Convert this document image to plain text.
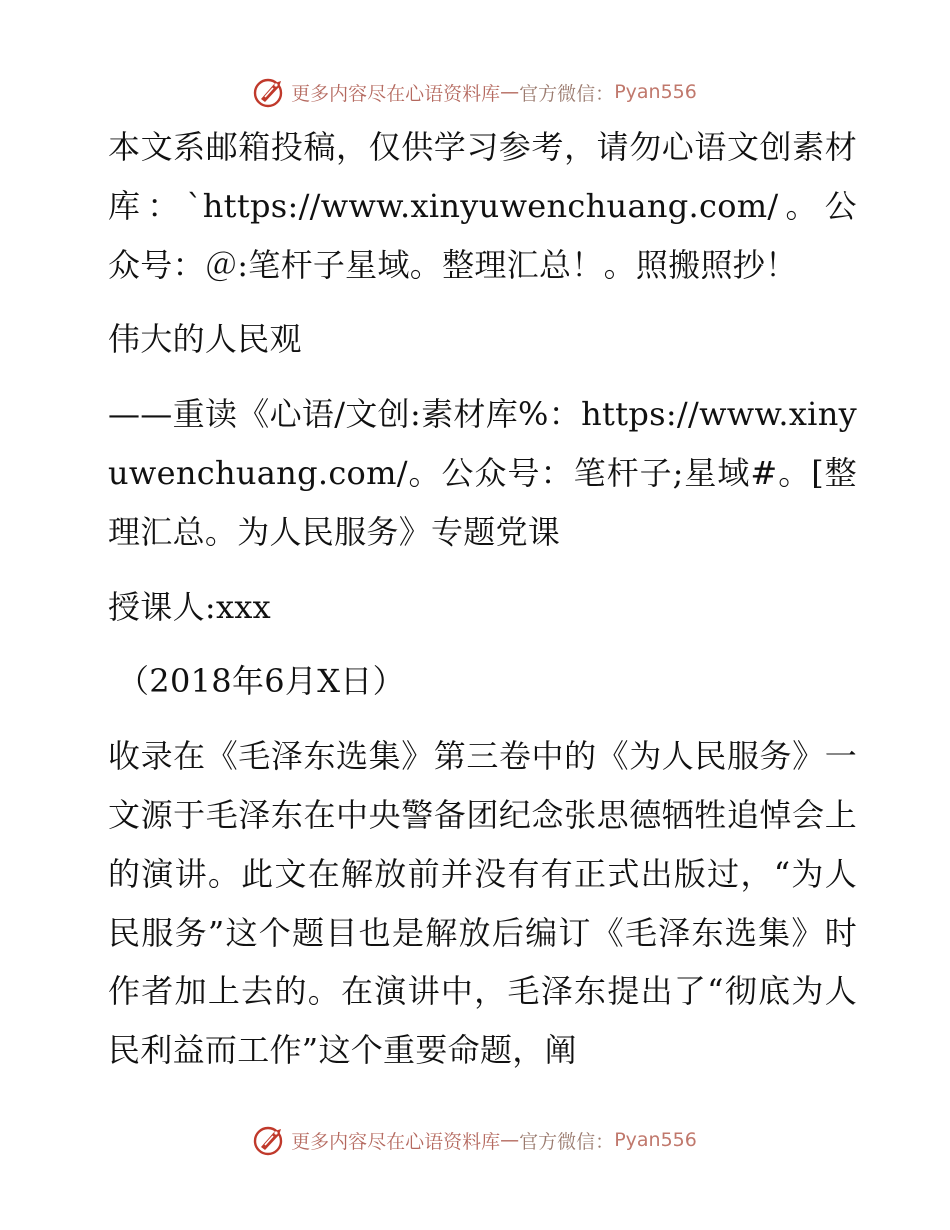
更多内容尽在心语资料库 — 官方微信： Pyan556

本文系邮箱投稿，仅供学习参考，请勿心语文创素材库：`https://www.xinyuwenchuang.com/。公众号：＠:笔杆子星域。整理汇总！。照搬照抄！

伟大的人民观

——重读《心语/文创:素材库%：https://www.xinyuwenchuang.com/。公众号：笔杆子;星域#。[整理汇总。为人民服务》专题党课

授课人:xxx

（2018年6月X日）

收录在《毛泽东选集》第三卷中的《为人民服务》一文源于毛泽东在中央警备团纪念张思德牺牲追悼会上的演讲。此文在解放前并没有有正式出版过，“为人民服务”这个题目也是解放后编订《毛泽东选集》时作者加上去的。在演讲中，毛泽东提出了“彻底为人民利益而工作”这个重要命题，阐

更多内容尽在心语资料库 — 官方微信： Pyan556
